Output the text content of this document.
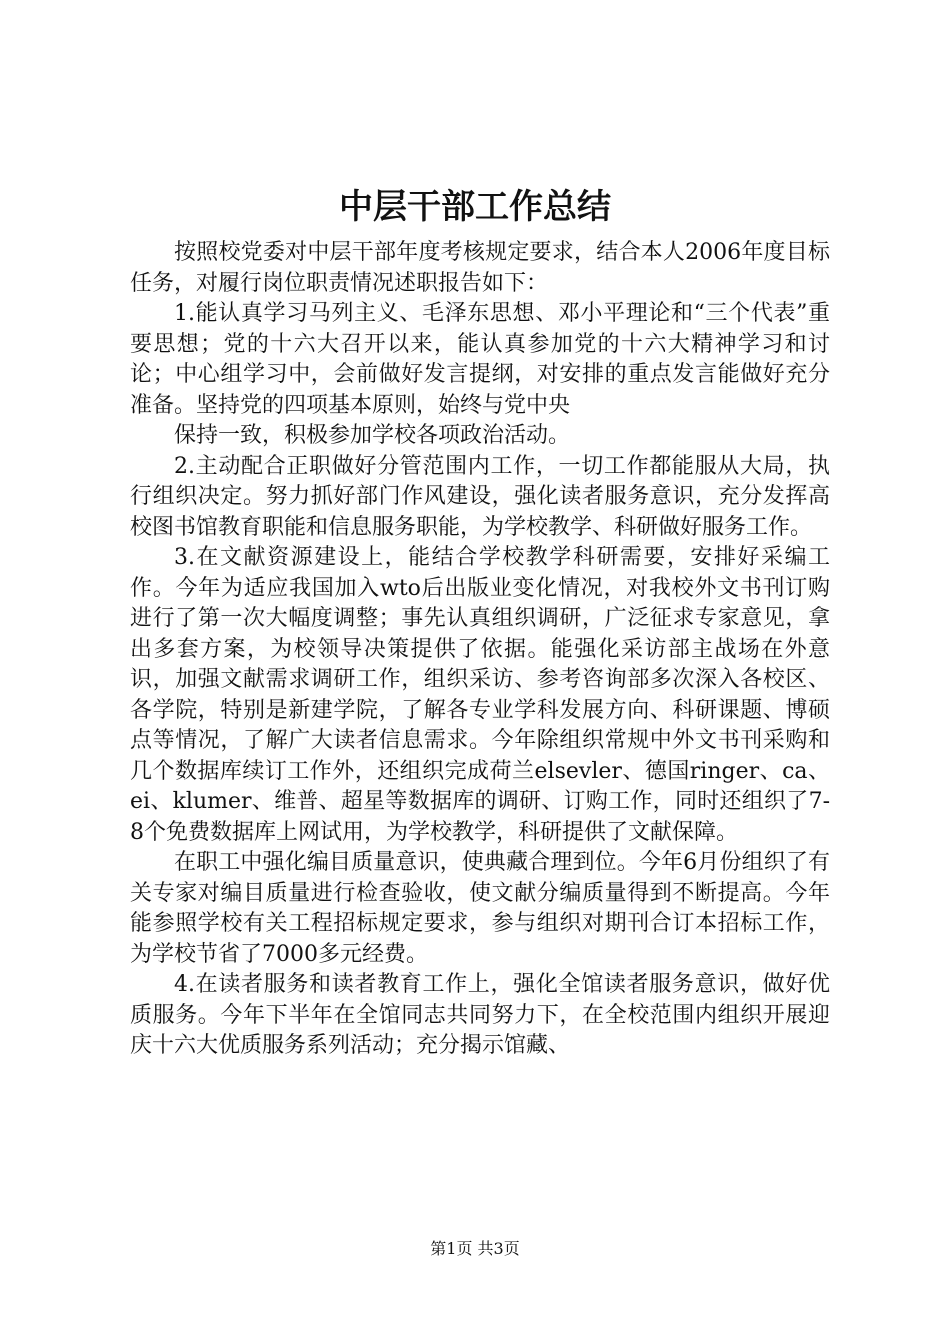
中层干部工作总结

按照校党委对中层干部年度考核规定要求，结合本人2006年度目标任务，对履行岗位职责情况述职报告如下：

1.能认真学习马列主义、毛泽东思想、邓小平理论和“三个代表”重要思想；党的十六大召开以来，能认真参加党的十六大精神学习和讨论；中心组学习中，会前做好发言提纲，对安排的重点发言能做好充分准备。坚持党的四项基本原则，始终与党中央

保持一致，积极参加学校各项政治活动。

2.主动配合正职做好分管范围内工作，一切工作都能服从大局，执行组织决定。努力抓好部门作风建设，强化读者服务意识，充分发挥高校图书馆教育职能和信息服务职能，为学校教学、科研做好服务工作。

3.在文献资源建设上，能结合学校教学科研需要，安排好采编工作。今年为适应我国加入wto后出版业变化情况，对我校外文书刊订购进行了第一次大幅度调整；事先认真组织调研，广泛征求专家意见，拿出多套方案，为校领导决策提供了依据。能强化采访部主战场在外意识，加强文献需求调研工作，组织采访、参考咨询部多次深入各校区、各学院，特别是新建学院，了解各专业学科发展方向、科研课题、博硕点等情况，了解广大读者信息需求。今年除组织常规中外文书刊采购和几个数据库续订工作外，还组织完成荷兰elsevler、德国ringer、ca、ei、klumer、维普、超星等数据库的调研、订购工作，同时还组织了7-8个免费数据库上网试用，为学校教学，科研提供了文献保障。

在职工中强化编目质量意识，使典藏合理到位。今年6月份组织了有关专家对编目质量进行检查验收，使文献分编质量得到不断提高。今年能参照学校有关工程招标规定要求，参与组织对期刊合订本招标工作，为学校节省了7000多元经费。

4.在读者服务和读者教育工作上，强化全馆读者服务意识，做好优质服务。今年下半年在全馆同志共同努力下，在全校范围内组织开展迎庆十六大优质服务系列活动；充分揭示馆藏、

第1页 共3页
